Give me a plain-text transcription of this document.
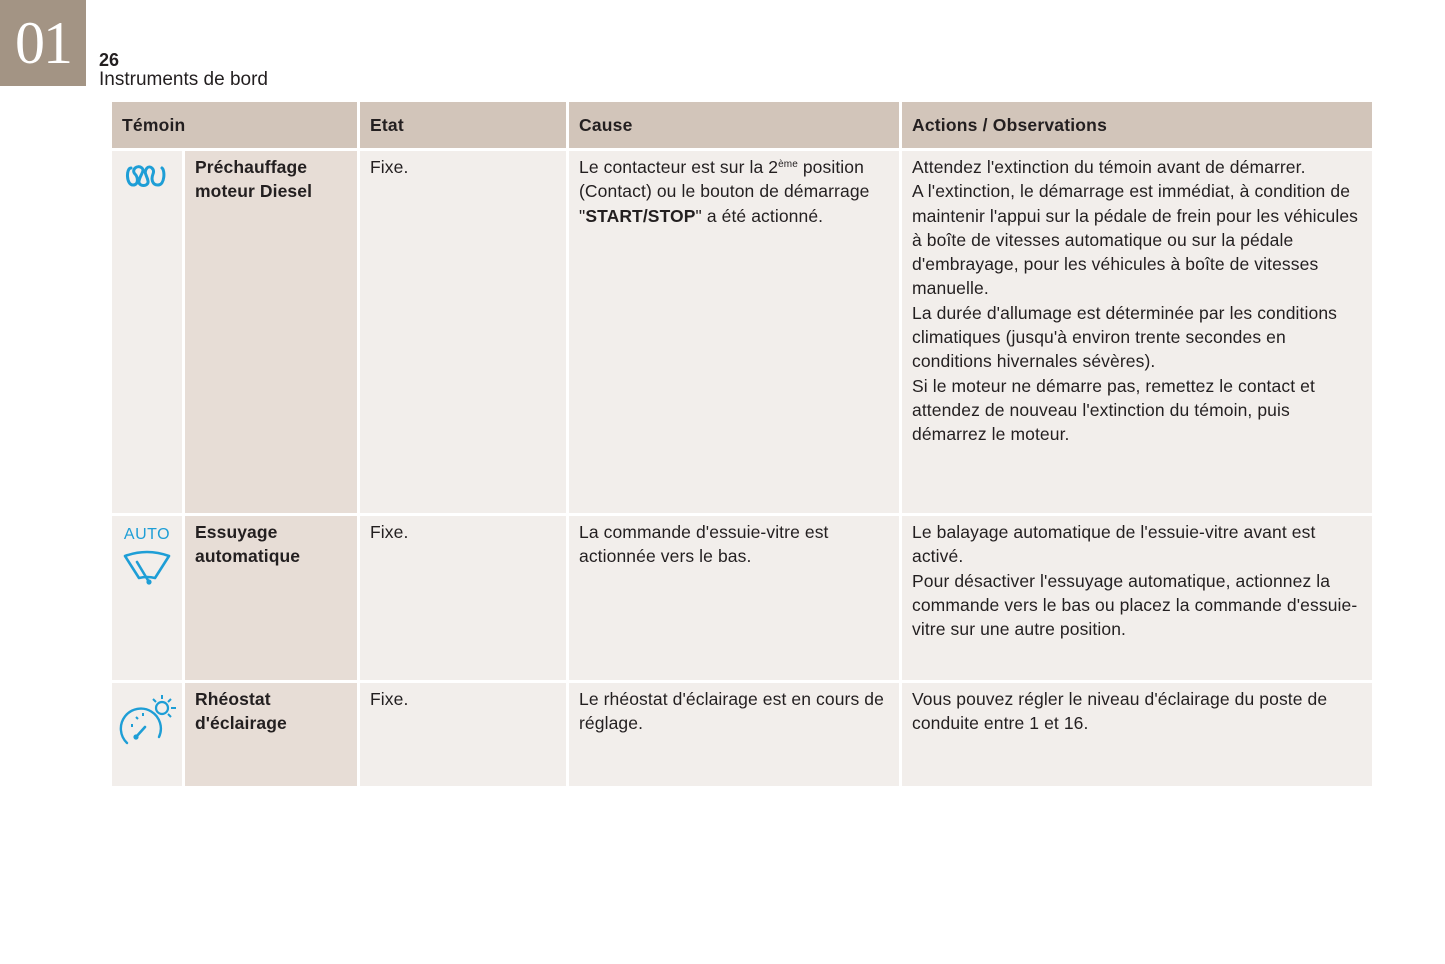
01	26
Instruments de bord
Témoin		Etat	Cause	Actions / Observations

	Préchauffage moteur Diesel	Fixe.	Le contacteur est sur la 2ème position (Contact) ou le bouton de démarrage "START/STOP" a été actionné.	Attendez l'extinction du témoin avant de démarrer.
A l'extinction, le démarrage est immédiat, à condition de maintenir l'appui sur la pédale de frein pour les véhicules à boîte de vitesses automatique ou sur la pédale d'embrayage, pour les véhicules à boîte de vitesses manuelle.
La durée d'allumage est déterminée par les conditions climatiques (jusqu'à environ trente secondes en conditions hivernales sévères).
Si le moteur ne démarre pas, remettez le contact et attendez de nouveau l'extinction du témoin, puis démarrez le moteur.

AUTO	Essuyage automatique	Fixe.	La commande d'essuie-vitre est actionnée vers le bas.	Le balayage automatique de l'essuie-vitre avant est activé.
Pour désactiver l'essuyage automatique, actionnez la commande vers le bas ou placez la commande d'essuie-vitre sur une autre position.

	Rhéostat d'éclairage	Fixe.	Le rhéostat d'éclairage est en cours de réglage.	Vous pouvez régler le niveau d'éclairage du poste de conduite entre 1 et 16.
